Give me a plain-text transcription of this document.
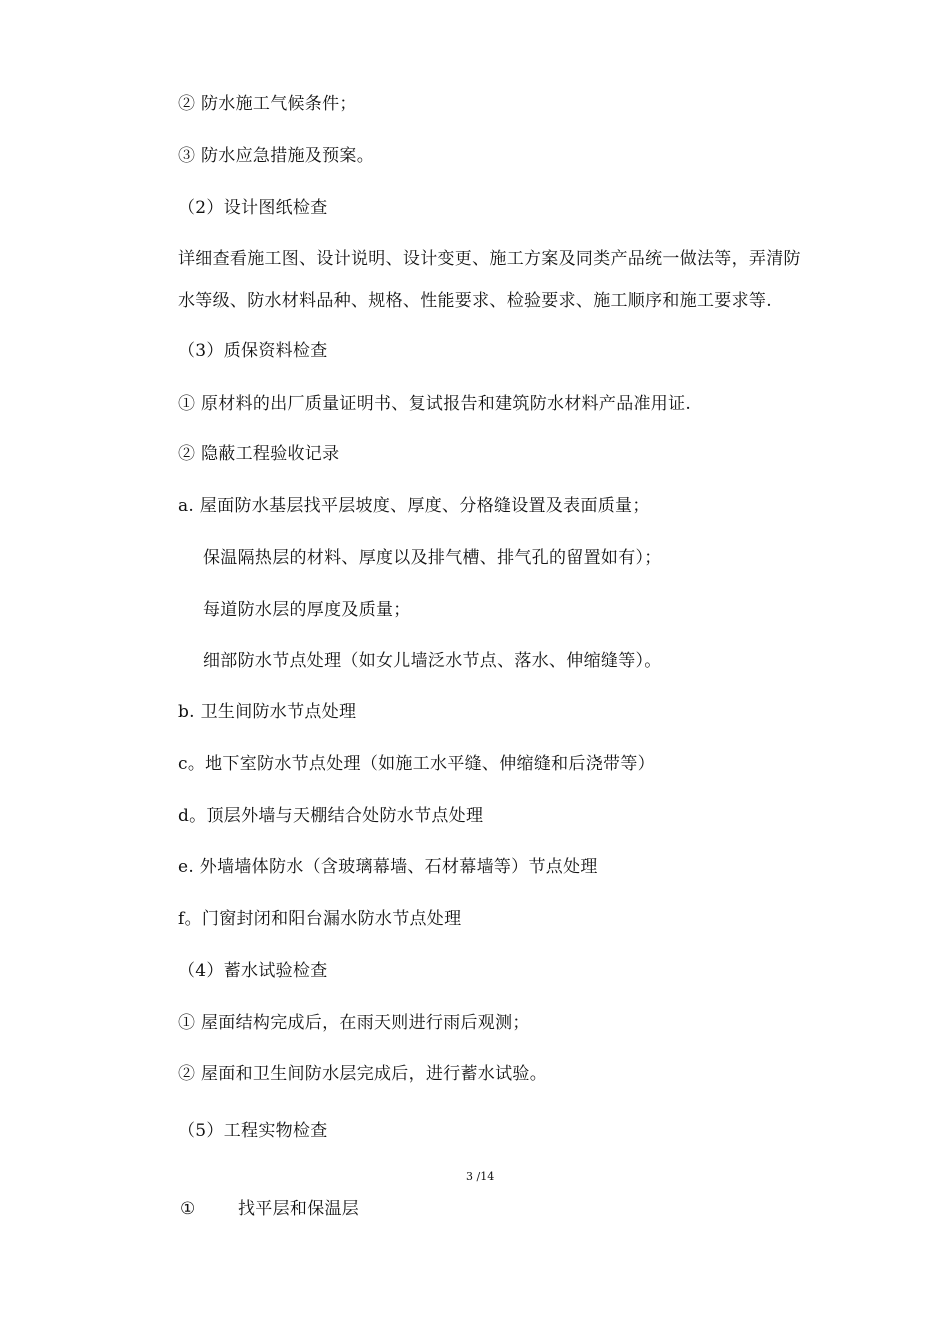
② 防水施工气候条件；
③ 防水应急措施及预案。
（2）设计图纸检查
详细查看施工图、设计说明、设计变更、施工方案及同类产品统一做法等，弄清防
水等级、防水材料品种、规格、性能要求、检验要求、施工顺序和施工要求等.
（3）质保资料检查
① 原材料的出厂质量证明书、复试报告和建筑防水材料产品准用证.
② 隐蔽工程验收记录
a. 屋面防水基层找平层坡度、厚度、分格缝设置及表面质量；
保温隔热层的材料、厚度以及排气槽、排气孔的留置如有）；
每道防水层的厚度及质量；
细部防水节点处理（如女儿墙泛水节点、落水、伸缩缝等）。
b. 卫生间防水节点处理
c。地下室防水节点处理（如施工水平缝、伸缩缝和后浇带等）
d。顶层外墙与天棚结合处防水节点处理
e. 外墙墙体防水（含玻璃幕墙、石材幕墙等）节点处理
f。门窗封闭和阳台漏水防水节点处理
（4）蓄水试验检查
① 屋面结构完成后，在雨天则进行雨后观测；
② 屋面和卫生间防水层完成后，进行蓄水试验。
（5）工程实物检查
3 /14
① 找平层和保温层
